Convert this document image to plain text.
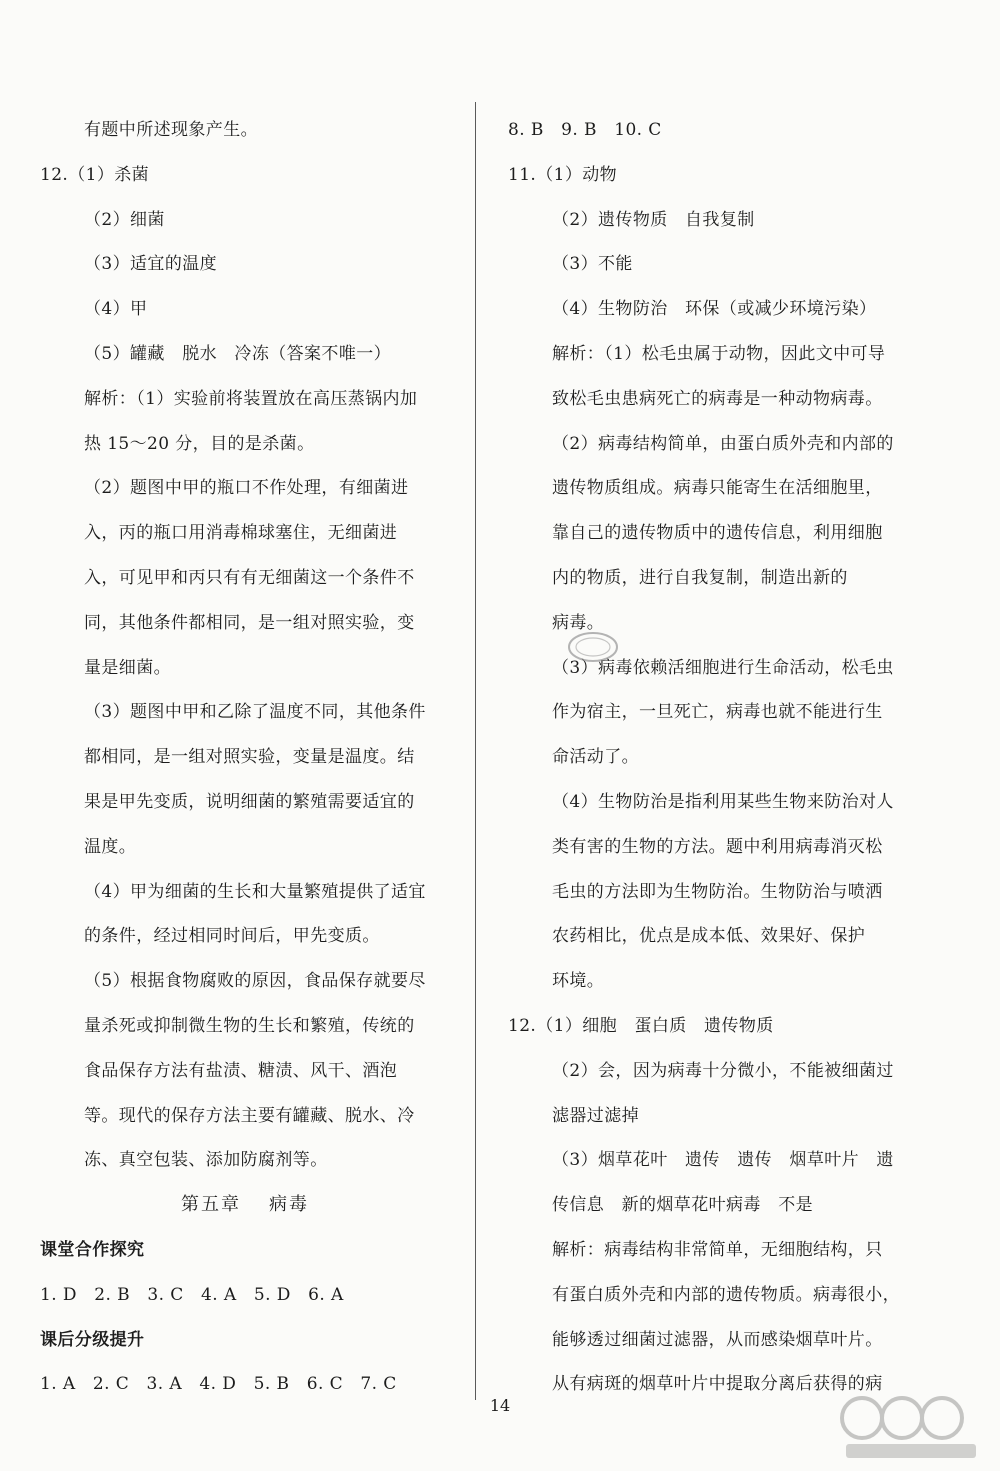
有题中所述现象产生。
12.（1）杀菌
（2）细菌
（3）适宜的温度
（4）甲
（5）罐藏　脱水　冷冻（答案不唯一）
解析：（1）实验前将装置放在高压蒸锅内加
热 15～20 分，目的是杀菌。
（2）题图中甲的瓶口不作处理，有细菌进
入，丙的瓶口用消毒棉球塞住，无细菌进
入，可见甲和丙只有有无细菌这一个条件不
同，其他条件都相同，是一组对照实验，变
量是细菌。
（3）题图中甲和乙除了温度不同，其他条件
都相同，是一组对照实验，变量是温度。结
果是甲先变质，说明细菌的繁殖需要适宜的
温度。
（4）甲为细菌的生长和大量繁殖提供了适宜
的条件，经过相同时间后，甲先变质。
（5）根据食物腐败的原因，食品保存就要尽
量杀死或抑制微生物的生长和繁殖，传统的
食品保存方法有盐渍、糖渍、风干、酒泡
等。现代的保存方法主要有罐藏、脱水、冷
冻、真空包装、添加防腐剂等。
第五章 病毒
课堂合作探究
1. D　2. B　3. C　4. A　5. D　6. A
课后分级提升
1. A　2. C　3. A　4. D　5. B　6. C　7. C
8. B　9. B　10. C
11.（1）动物
（2）遗传物质　自我复制
（3）不能
（4）生物防治　环保（或减少环境污染）
解析：（1）松毛虫属于动物，因此文中可导
致松毛虫患病死亡的病毒是一种动物病毒。
（2）病毒结构简单，由蛋白质外壳和内部的
遗传物质组成。病毒只能寄生在活细胞里，
靠自己的遗传物质中的遗传信息，利用细胞
内的物质，进行自我复制，制造出新的
病毒。
（3）病毒依赖活细胞进行生命活动，松毛虫
作为宿主，一旦死亡，病毒也就不能进行生
命活动了。
（4）生物防治是指利用某些生物来防治对人
类有害的生物的方法。题中利用病毒消灭松
毛虫的方法即为生物防治。生物防治与喷洒
农药相比，优点是成本低、效果好、保护
环境。
12.（1）细胞　蛋白质　遗传物质
（2）会，因为病毒十分微小，不能被细菌过
滤器过滤掉
（3）烟草花叶　遗传　遗传　烟草叶片　遗
传信息　新的烟草花叶病毒　不是
解析：病毒结构非常简单，无细胞结构，只
有蛋白质外壳和内部的遗传物质。病毒很小，
能够透过细菌过滤器，从而感染烟草叶片。
从有病斑的烟草叶片中提取分离后获得的病
14
